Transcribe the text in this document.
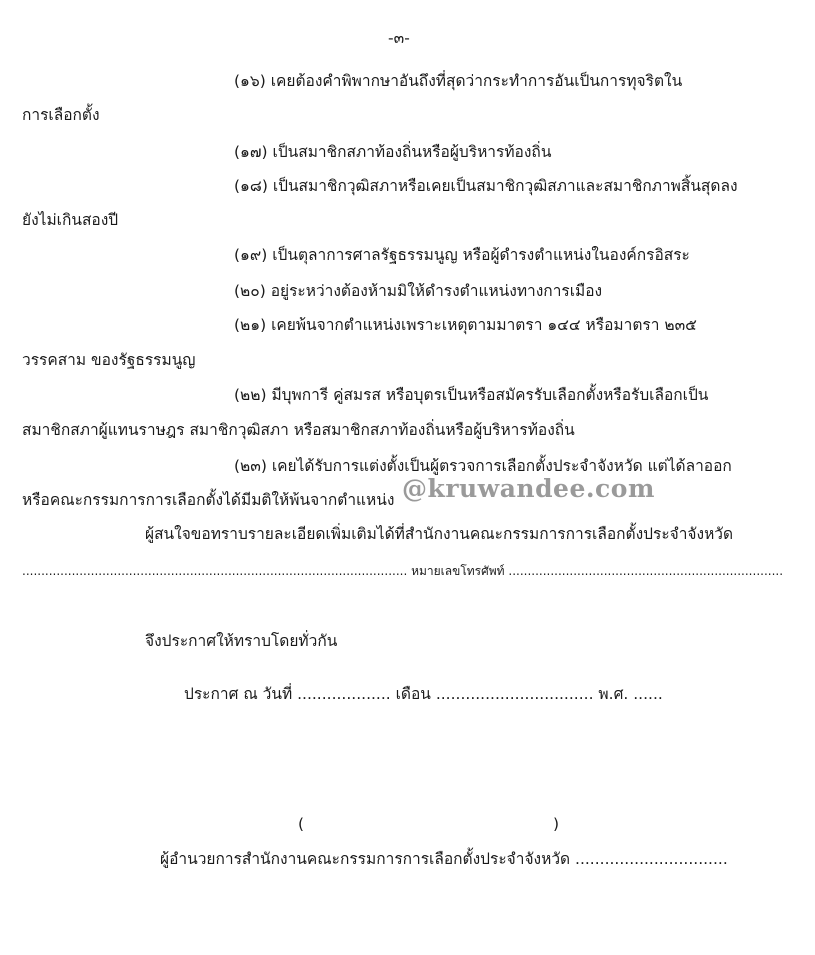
-๓-
(๑๖) เคยต้องคำพิพากษาอันถึงที่สุดว่ากระทำการอันเป็นการทุจริตใน
การเลือกตั้ง
(๑๗) เป็นสมาชิกสภาท้องถิ่นหรือผู้บริหารท้องถิ่น
(๑๘) เป็นสมาชิกวุฒิสภาหรือเคยเป็นสมาชิกวุฒิสภาและสมาชิกภาพสิ้นสุดลง
ยังไม่เกินสองปี
(๑๙) เป็นตุลาการศาลรัฐธรรมนูญ หรือผู้ดำรงตำแหน่งในองค์กรอิสระ
(๒๐) อยู่ระหว่างต้องห้ามมิให้ดำรงตำแหน่งทางการเมือง
(๒๑) เคยพ้นจากตำแหน่งเพราะเหตุตามมาตรา ๑๔๔ หรือมาตรา ๒๓๕
วรรคสาม ของรัฐธรรมนูญ
(๒๒) มีบุพการี คู่สมรส หรือบุตรเป็นหรือสมัครรับเลือกตั้งหรือรับเลือกเป็น
สมาชิกสภาผู้แทนราษฎร สมาชิกวุฒิสภา หรือสมาชิกสภาท้องถิ่นหรือผู้บริหารท้องถิ่น
(๒๓) เคยได้รับการแต่งตั้งเป็นผู้ตรวจการเลือกตั้งประจำจังหวัด แต่ได้ลาออก
หรือคณะกรรมการการเลือกตั้งได้มีมติให้พ้นจากตำแหน่ง @kruwandee.com
ผู้สนใจขอทราบรายละเอียดเพิ่มเติมได้ที่สำนักงานคณะกรรมการการเลือกตั้งประจำจังหวัด
..................................................................................................... หมายเลขโทรศัพท์ ........................................................................
จึงประกาศให้ทราบโดยทั่วกัน
ประกาศ ณ วันที่ ................... เดือน ................................ พ.ศ. ......
(	)
ผู้อำนวยการสำนักงานคณะกรรมการการเลือกตั้งประจำจังหวัด ...............................
